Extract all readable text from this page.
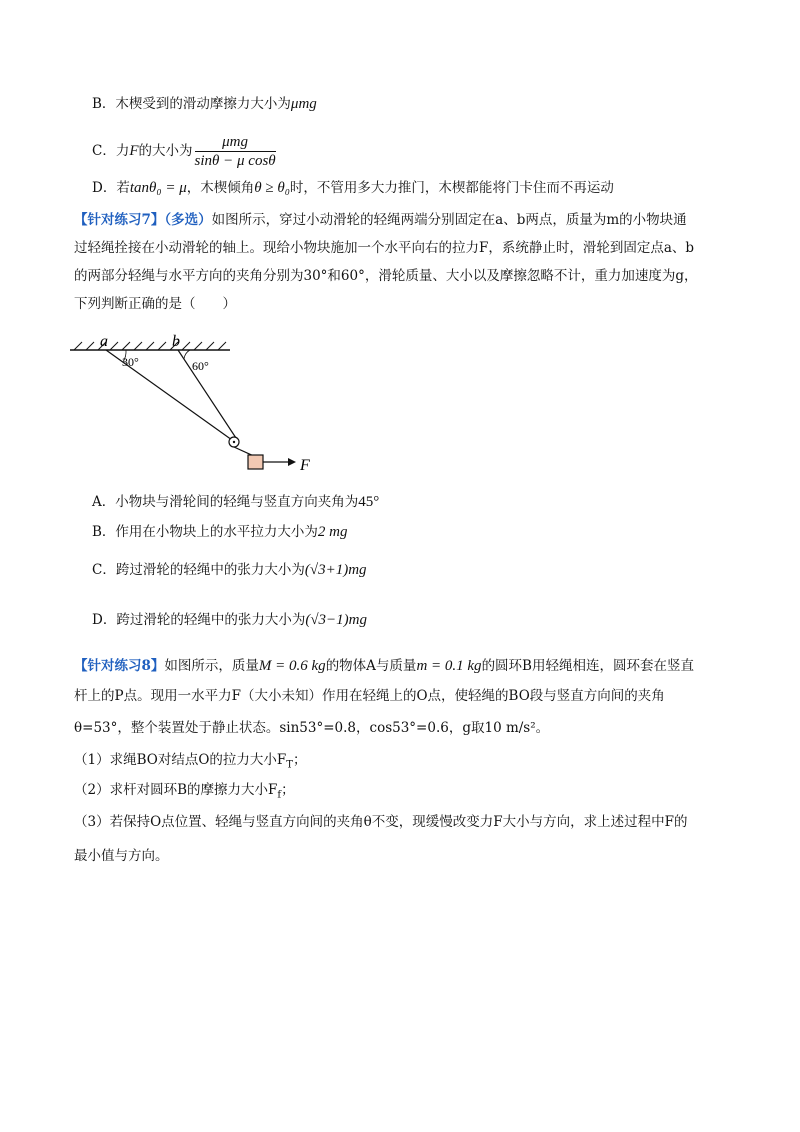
B．木楔受到的滑动摩擦力大小为μmg
C．力F的大小为 $\frac{\text{μmg}}{\text{sinθ − μ cosθ}}$
D．若tanθ₀ = μ，木楔倾角θ ≥ θ₀时，不管用多大力推门，木楔都能将门卡住而不再运动
【针对练习7】（多选）如图所示，穿过小动滑轮的轻绳两端分别固定在a、b两点，质量为m的小物块通
过轻绳拴接在小动滑轮的轴上。现给小物块施加一个水平向右的拉力F，系统静止时，滑轮到固定点a、b
的两部分轻绳与水平方向的夹角分别为30°和60°，滑轮质量、大小以及摩擦忽略不计，重力加速度为g，
下列判断正确的是（　　）
a	b
30°	60°
F
A．小物块与滑轮间的轻绳与竖直方向夹角为45°
B．作用在小物块上的水平拉力大小为2 mg
C．跨过滑轮的轻绳中的张力大小为(√3+1)mg
D．跨过滑轮的轻绳中的张力大小为(√3−1)mg
【针对练习8】如图所示，质量M = 0.6 kg的物体A与质量m = 0.1 kg的圆环B用轻绳相连，圆环套在竖直
杆上的P点。现用一水平力F（大小未知）作用在轻绳上的O点，使轻绳的BO段与竖直方向间的夹角
θ=53°，整个装置处于静止状态。sin53°=0.8，cos53°=0.6，g取10 m/s²。
（1）求绳BO对结点O的拉力大小$F_T$；
（2）求杆对圆环B的摩擦力大小$F_f$；
（3）若保持O点位置、轻绳与竖直方向间的夹角θ不变，现缓慢改变力F大小与方向，求上述过程中F的
最小值与方向。
